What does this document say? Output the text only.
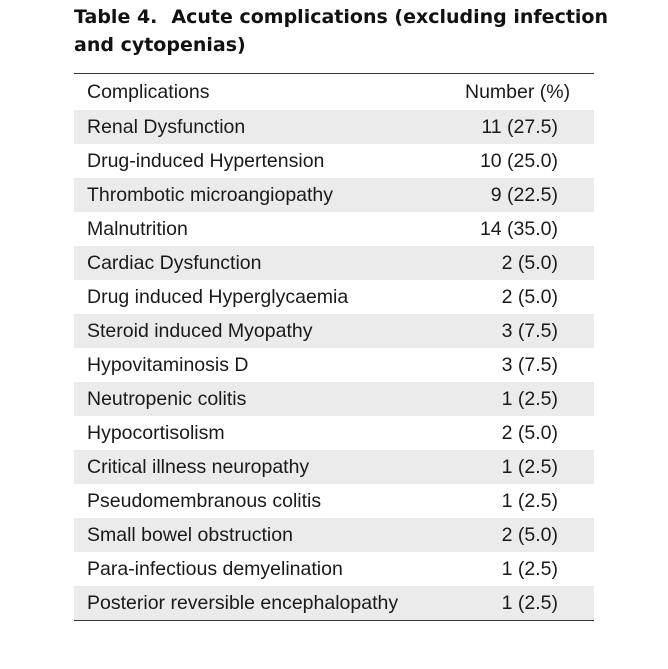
Table 4. Acute complications (excluding infection and cytopenias)
Complications	Number (%)
Renal Dysfunction	11 (27.5)
Drug-induced Hypertension	10 (25.0)
Thrombotic microangiopathy	9 (22.5)
Malnutrition	14 (35.0)
Cardiac Dysfunction	2 (5.0)
Drug induced Hyperglycaemia	2 (5.0)
Steroid induced Myopathy	3 (7.5)
Hypovitaminosis D	3 (7.5)
Neutropenic colitis	1 (2.5)
Hypocortisolism	2 (5.0)
Critical illness neuropathy	1 (2.5)
Pseudomembranous colitis	1 (2.5)
Small bowel obstruction	2 (5.0)
Para-infectious demyelination	1 (2.5)
Posterior reversible encephalopathy	1 (2.5)
